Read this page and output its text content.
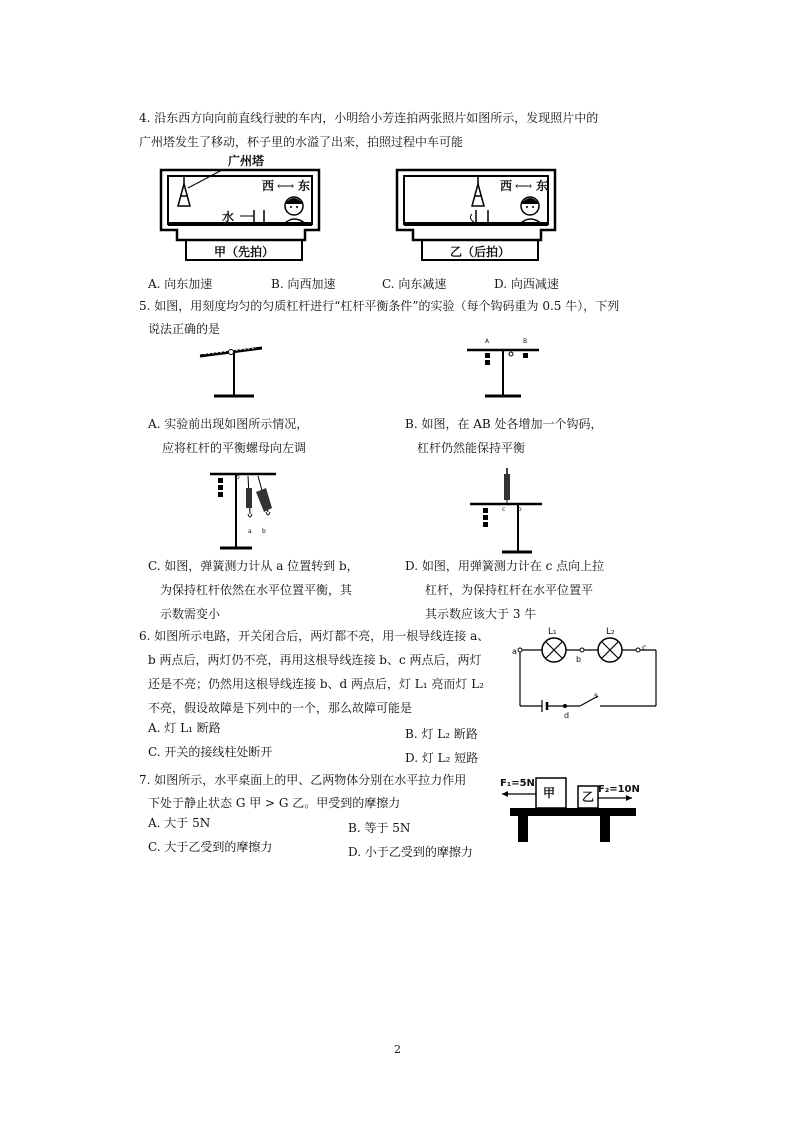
4. 沿东西方向向前直线行驶的车内，小明给小芳连拍两张照片如图所示，发现照片中的
广州塔发生了移动，杯子里的水溢了出来，拍照过程中车可能
广州塔
西 ⟷ 东
水
甲（先拍）
西 ⟷ 东
乙（后拍）
A. 向东加速	B. 向西加速	C. 向东减速	D. 向西减速
5. 如图，用刻度均匀的匀质杠杆进行“杠杆平衡条件”的实验（每个钩码重为 0.5 牛），下列
说法正确的是
A	B
A. 实验前出现如图所示情况，
应将杠杆的平衡螺母向左调
B. 如图，在 AB 处各增加一个钩码，
杠杆仍然能保持平衡
o
a b
c o
C. 如图，弹簧测力计从 a 位置转到 b，
为保持杠杆依然在水平位置平衡，其
示数需变小
D. 如图，用弹簧测力计在 c 点向上拉
杠杆，为保持杠杆在水平位置平
其示数应该大于 3 牛
6. 如图所示电路，开关闭合后，两灯都不亮，用一根导线连接 a、
b 两点后，两灯仍不亮，再用这根导线连接 b、c 两点后，两灯
还是不亮；仍然用这根导线连接 b、d 两点后，灯 L₁ 亮而灯 L₂
不亮，假设故障是下列中的一个，那么故障可能是
a
b
c
d
s
L₁	L₂
A. 灯 L₁ 断路	B. 灯 L₂ 断路
C. 开关的接线柱处断开	D. 灯 L₂ 短路
7. 如图所示，水平桌面上的甲、乙两物体分别在水平拉力作用
下处于静止状态 G 甲 > G 乙。甲受到的摩擦力
F₁=5N
F₂=10N
甲 乙
A. 大于 5N	B. 等于 5N
C. 大于乙受到的摩擦力	D. 小于乙受到的摩擦力
2
